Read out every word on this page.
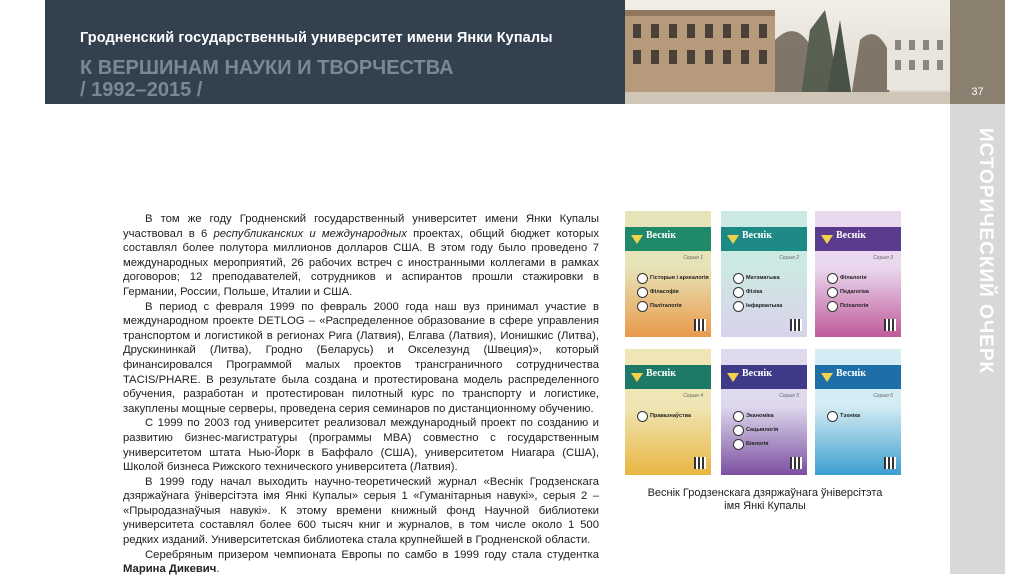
Гродненский государственный университет имени Янки Купалы
К ВЕРШИНАМ НАУКИ И ТВОРЧЕСТВА
/ 1992–2015 /	37
ИСТОРИЧЕСКИЙ ОЧЕРК

В том же году Гродненский государственный университет имени Янки Купалы участвовал в 6 республиканских и международных проектах, общий бюджет которых составлял более полутора миллионов долларов США. В этом году было проведено 7 международных мероприятий, 26 рабочих встреч с иностранными коллегами в рамках договоров; 12 преподавателей, сотрудников и аспирантов прошли стажировки в Германии, России, Польше, Италии и США.

В период с февраля 1999 по февраль 2000 года наш вуз принимал участие в международном проекте DETLOG – «Распределенное образование в сфере управления транспортом и логистикой в регионах Рига (Латвия), Елгава (Латвия), Ионишкис (Литва), Друскининкай (Литва), Гродно (Беларусь) и Окселезунд (Швеция)», который финансировался Программой малых проектов трансграничного сотрудничества TACIS/PHARE. В результате была создана и протестирована модель распределенного обучения, разработан и протестирован пилотный курс по транспорту и логистике, закуплены мощные серверы, проведена серия семинаров по дистанционному обучению.

С 1999 по 2003 год университет реализовал международный проект по созданию и развитию бизнес-магистратуры (программы MBA) совместно с государственным университетом штата Нью-Йорк в Баффало (США), университетом Ниагара (США), Школой бизнеса Рижского технического университета (Латвия).

В 1999 году начал выходить научно-теоретический журнал «Веснік Гродзенскага дзяржаўнага ўніверсітэта імя Янкі Купалы» серыя 1 «Гуманітарныя навукі», серыя 2 – «Прыродазнаўчыя навукі». К этому времени книжный фонд Научной библиотеки университета составлял более 600 тысяч книг и журналов, в том числе около 1 500 редких изданий. Университетская библиотека стала крупнейшей в Гродненской области.

Серебряным призером чемпионата Европы по самбо в 1999 году стала студентка Марина Дикевич.

Веснік
Серыя 1
Гісторыя і археалогія
Філасофія
Паліталогія
Веснік
Серыя 2
Матэматыка
Фізіка
Інфарматыка
Веснік
Серыя 3
Філалогія
Педагогіка
Псіхалогія
Веснік
Серыя 4
Правазнаўства
Веснік
Серыя 5
Эканоміка
Сацыялогія
Біялогія
Веснік
Серыя 6
Тэхніка
Веснік Гродзенскага дзяржаўнага ўніверсітэта
імя Янкі Купалы
